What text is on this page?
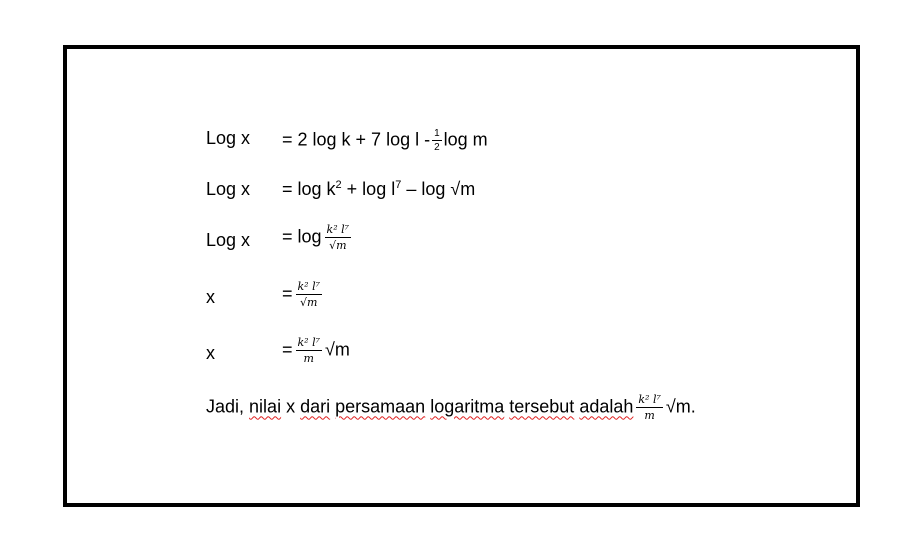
Log x = 2 log k + 7 log l - $\frac{1}{2}$ log m
Log $x = \log k^2 + \log l^7 - \log √m$
Log $x = \log \frac{\text{k² l⁷}}{√m}$
x	= $\frac{\text{k² l⁷}}{√m}$
x	= $\frac{\text{k² l⁷}}{m} √m$
Jadi, nilai x dari persamaan logaritma tersebut adalah $\frac{\text{k² l⁷}}{m} √m$.
